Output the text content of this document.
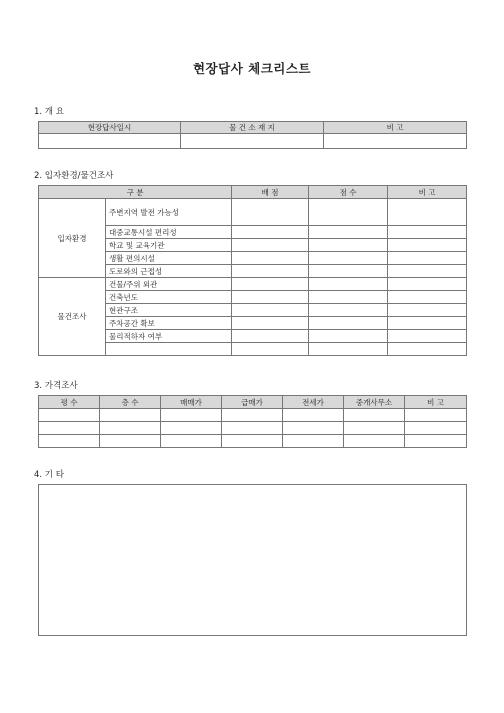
현장답사 체크리스트
1. 개 요
현장답사일시	물 건 소 재 지	비 고

2. 입자환경/물건조사
구 분		배 점	점 수	비 고
입자환경	주변지역 발전 가능성			
	대중교통시설 편리성			
	학교 및 교육기관			
	생활 편의시설			
	도로와의 근접성			
물건조사	건물/주위 외관			
	건축년도			
	현관구조			
	주차공간 확보			
	물리적하자 여부			

3. 가격조사
평 수	층 수	매매가	급매가	전세가	중개사무소	비 고

4. 기 타
